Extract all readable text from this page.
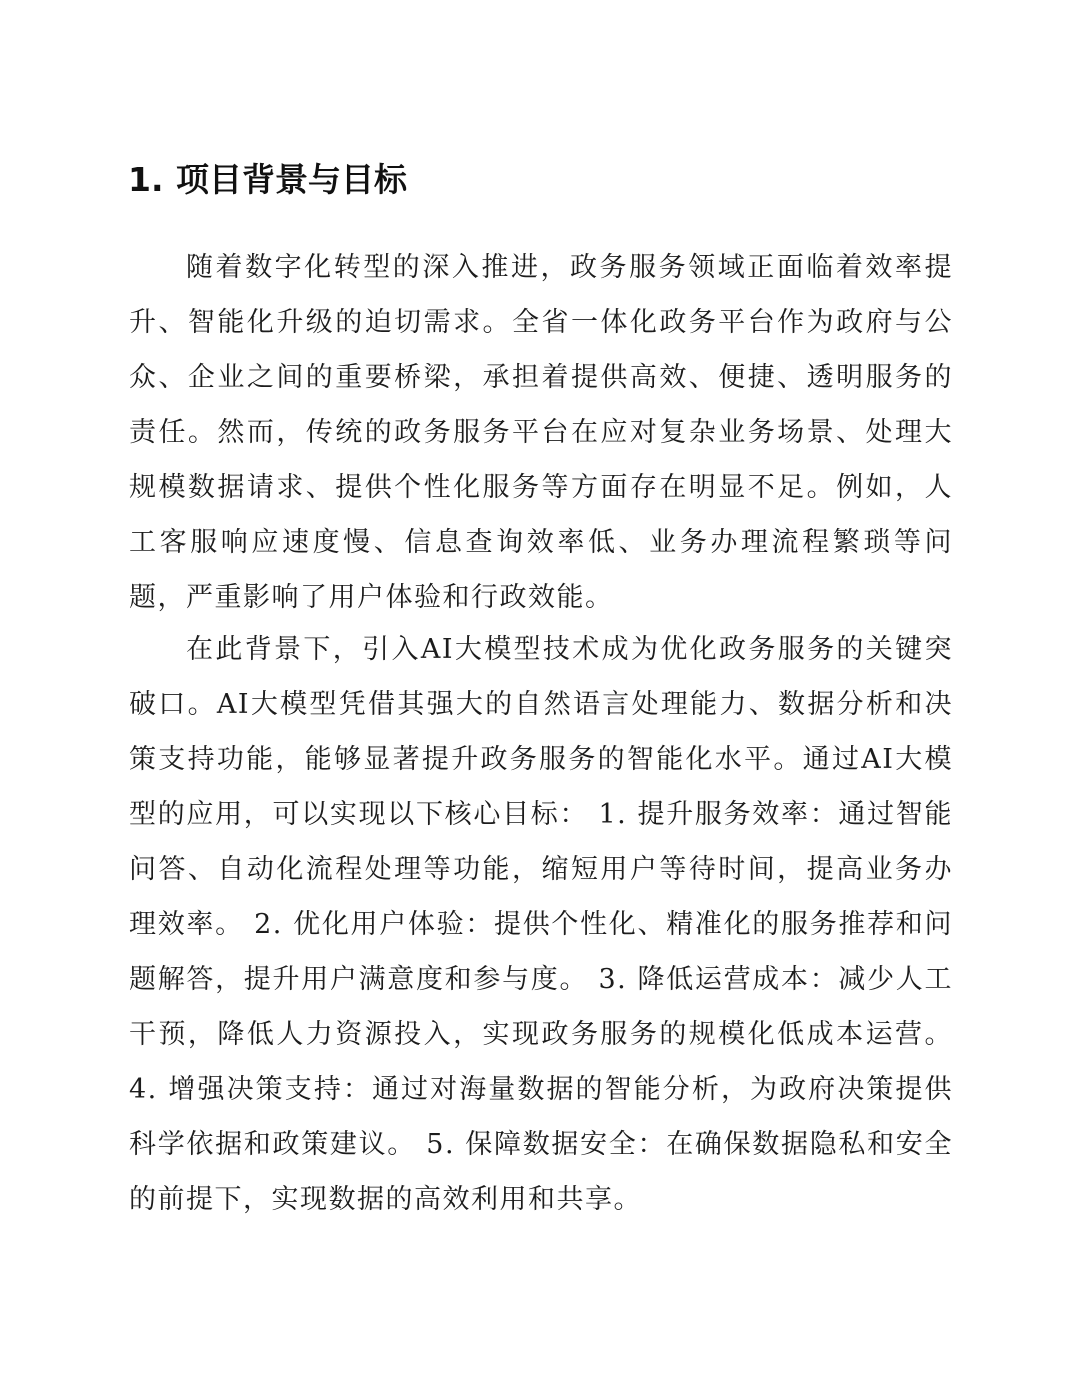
1. 项目背景与目标

随着数字化转型的深入推进，政务服务领域正面临着效率提升、智能化升级的迫切需求。全省一体化政务平台作为政府与公众、企业之间的重要桥梁，承担着提供高效、便捷、透明服务的责任。然而，传统的政务服务平台在应对复杂业务场景、处理大规模数据请求、提供个性化服务等方面存在明显不足。例如，人工客服响应速度慢、信息查询效率低、业务办理流程繁琐等问题，严重影响了用户体验和行政效能。

在此背景下，引入AI大模型技术成为优化政务服务的关键突破口。AI大模型凭借其强大的自然语言处理能力、数据分析和决策支持功能，能够显著提升政务服务的智能化水平。通过AI大模型的应用，可以实现以下核心目标： 1. 提升服务效率：通过智能问答、自动化流程处理等功能，缩短用户等待时间，提高业务办理效率。 2. 优化用户体验：提供个性化、精准化的服务推荐和问题解答，提升用户满意度和参与度。 3. 降低运营成本：减少人工干预，降低人力资源投入，实现政务服务的规模化低成本运营。 4. 增强决策支持：通过对海量数据的智能分析，为政府决策提供科学依据和政策建议。 5. 保障数据安全：在确保数据隐私和安全的前提下，实现数据的高效利用和共享。
